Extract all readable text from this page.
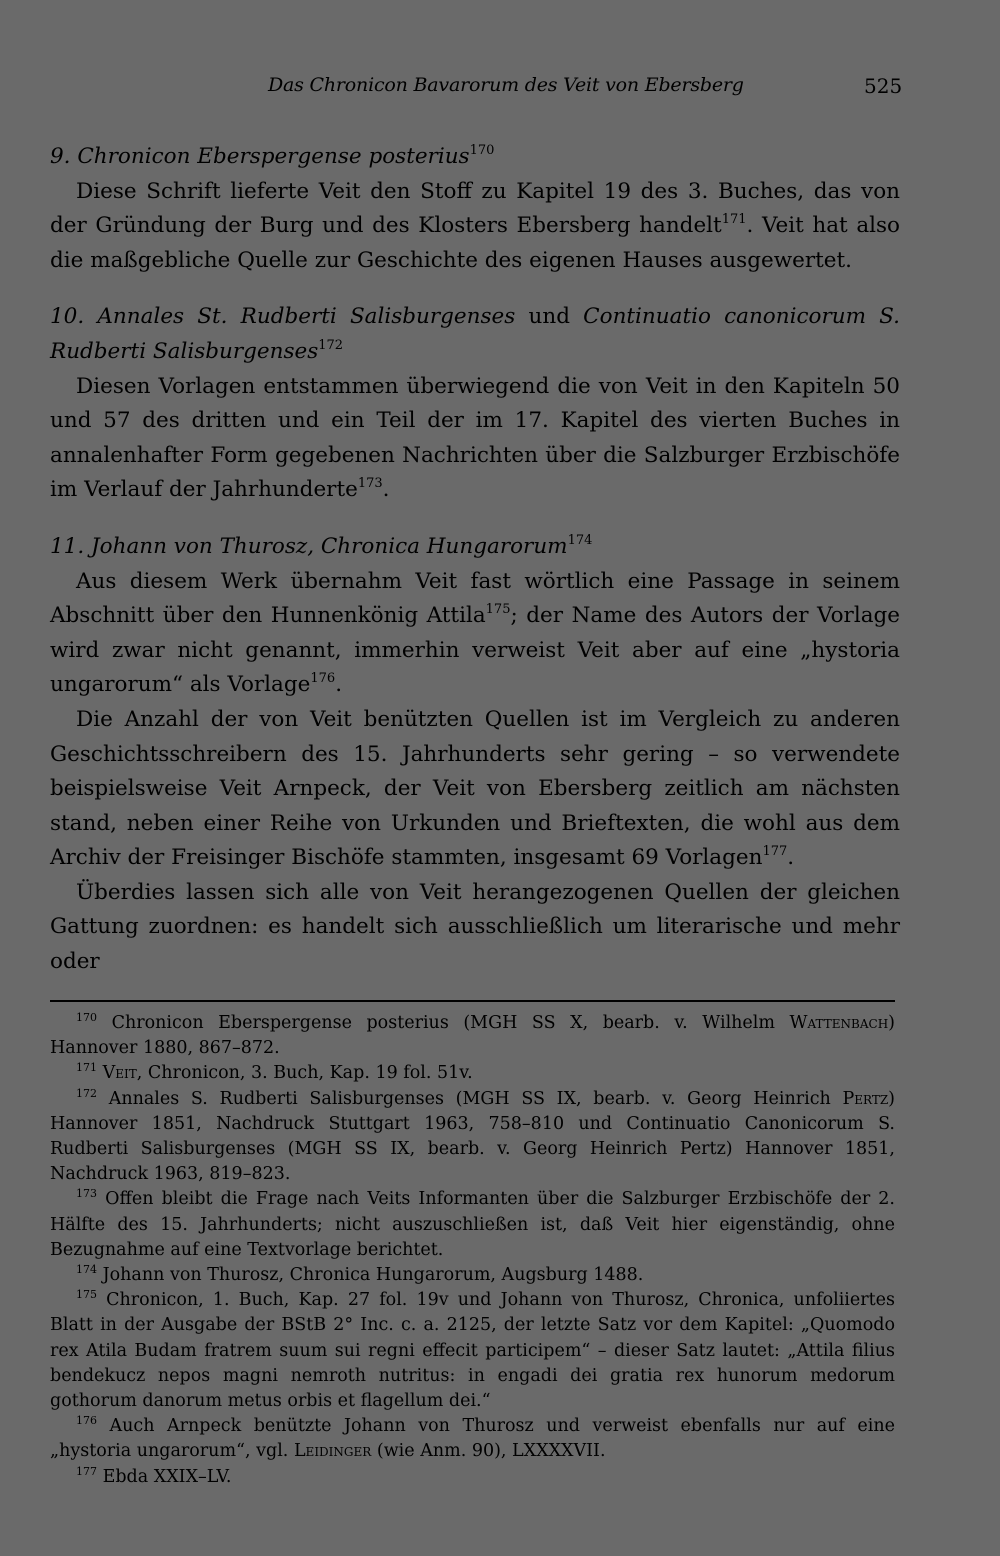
Das Chronicon Bavarorum des Veit von Ebersberg	525
9. Chronicon Eberspergense posterius$^{170}$

Diese Schrift lieferte Veit den Stoff zu Kapitel 19 des 3. Buches, das von der Gründung der Burg und des Klosters Ebersberg handelt$^{171}$. Veit hat also die maßgebliche Quelle zur Geschichte des eigenen Hauses ausgewertet.

10. Annales St. Rudberti Salisburgenses und Continuatio canonicorum S. Rudberti Salisburgenses$^{172}$

Diesen Vorlagen entstammen überwiegend die von Veit in den Kapiteln 50 und 57 des dritten und ein Teil der im 17. Kapitel des vierten Buches in annalenhafter Form gegebenen Nachrichten über die Salzburger Erzbischöfe im Verlauf der Jahrhunderte$^{173}$.

11. Johann von Thurosz, Chronica Hungarorum$^{174}$

Aus diesem Werk übernahm Veit fast wörtlich eine Passage in seinem Abschnitt über den Hunnenkönig Attila$^{175}$; der Name des Autors der Vorlage wird zwar nicht genannt, immerhin verweist Veit aber auf eine „hystoria ungarorum“ als Vorlage$^{176}$.

Die Anzahl der von Veit benützten Quellen ist im Vergleich zu anderen Geschichtsschreibern des 15. Jahrhunderts sehr gering – so verwendete beispielsweise Veit Arnpeck, der Veit von Ebersberg zeitlich am nächsten stand, neben einer Reihe von Urkunden und Brieftexten, die wohl aus dem Archiv der Freisinger Bischöfe stammten, insgesamt 69 Vorlagen$^{177}$.

Überdies lassen sich alle von Veit herangezogenen Quellen der gleichen Gattung zuordnen: es handelt sich ausschließlich um literarische und mehr oder

$^{170}$ Chronicon Eberspergense posterius (MGH SS X, bearb. v. Wilhelm Wattenbach) Hannover 1880, 867–872.

$^{171}$ Veit, Chronicon, 3. Buch, Kap. 19 fol. 51v.

$^{172}$ Annales S. Rudberti Salisburgenses (MGH SS IX, bearb. v. Georg Heinrich Pertz) Hannover 1851, Nachdruck Stuttgart 1963, 758–810 und Continuatio Canonicorum S. Rudberti Salisburgenses (MGH SS IX, bearb. v. Georg Heinrich Pertz) Hannover 1851, Nachdruck 1963, 819–823.

$^{173}$ Offen bleibt die Frage nach Veits Informanten über die Salzburger Erzbischöfe der 2. Hälfte des 15. Jahrhunderts; nicht auszuschließen ist, daß Veit hier eigenständig, ohne Bezugnahme auf eine Textvorlage berichtet.

$^{174}$ Johann von Thurosz, Chronica Hungarorum, Augsburg 1488.

$^{175}$ Chronicon, 1. Buch, Kap. 27 fol. 19v und Johann von Thurosz, Chronica, unfoliiertes Blatt in der Ausgabe der BStB 2° Inc. c. a. 2125, der letzte Satz vor dem Kapitel: „Quomodo rex Atila Budam fratrem suum sui regni effecit participem“ – dieser Satz lautet: „Attila filius bendekucz nepos magni nemroth nutritus: in engadi dei gratia rex hunorum medorum gothorum danorum metus orbis et flagellum dei.“

$^{176}$ Auch Arnpeck benützte Johann von Thurosz und verweist ebenfalls nur auf eine „hystoria ungarorum“, vgl. Leidinger (wie Anm. 90), LXXXXVII.

$^{177}$ Ebda XXIX–LV.
